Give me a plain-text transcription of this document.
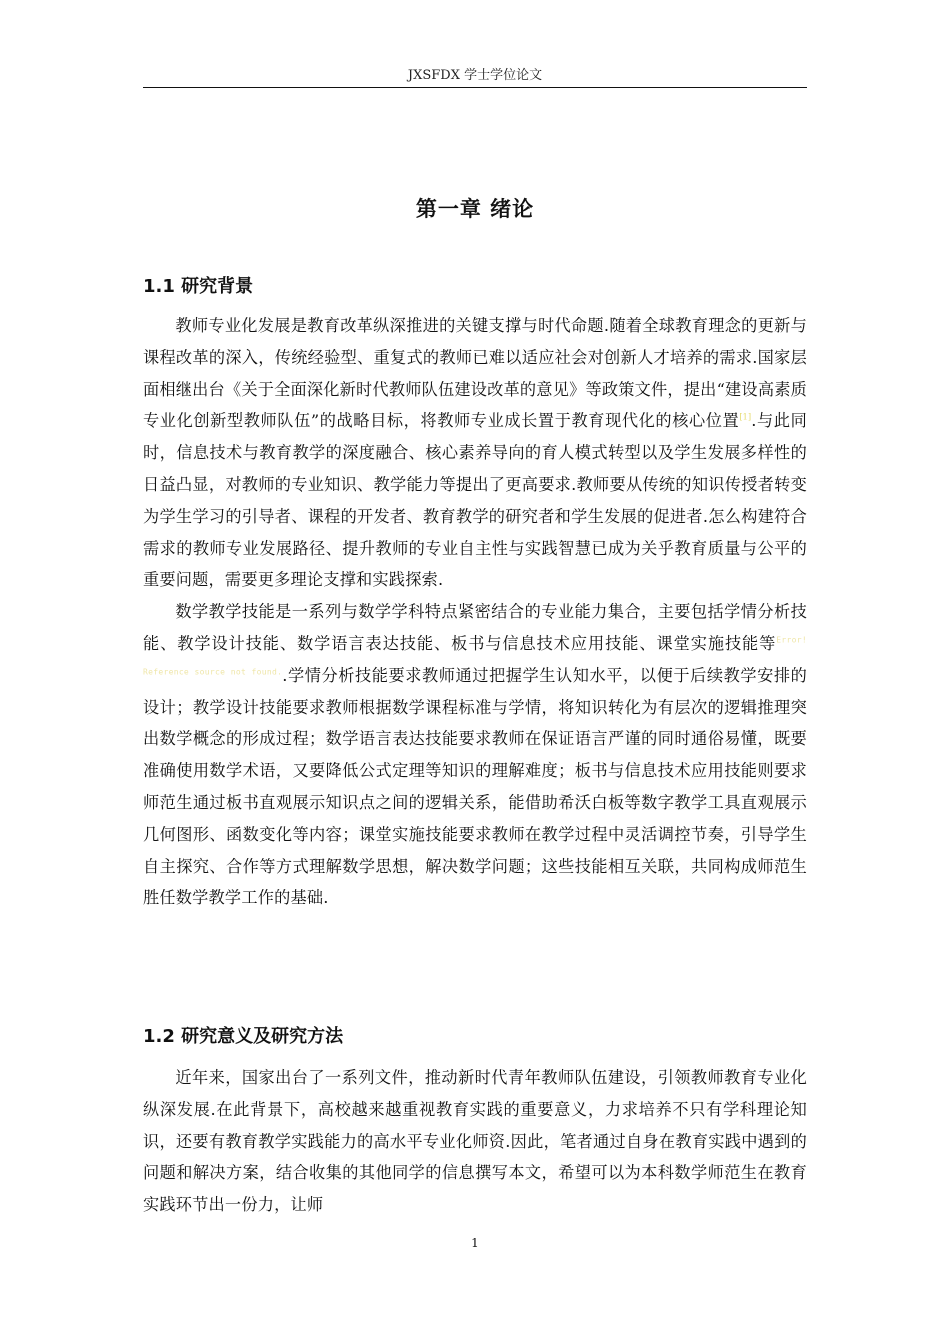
JXSFDX 学士学位论文
第一章 绪论
1.1 研究背景

教师专业化发展是教育改革纵深推进的关键支撑与时代命题.随着全球教育理念的更新与课程改革的深入，传统经验型、重复式的教师已难以适应社会对创新人才培养的需求.国家层面相继出台《关于全面深化新时代教师队伍建设改革的意见》等政策文件，提出“建设高素质专业化创新型教师队伍”的战略目标，将教师专业成长置于教育现代化的核心位置[1].与此同时，信息技术与教育教学的深度融合、核心素养导向的育人模式转型以及学生发展多样性的日益凸显，对教师的专业知识、教学能力等提出了更高要求.教师要从传统的知识传授者转变为学生学习的引导者、课程的开发者、教育教学的研究者和学生发展的促进者.怎么构建符合需求的教师专业发展路径、提升教师的专业自主性与实践智慧已成为关乎教育质量与公平的重要问题，需要更多理论支撑和实践探索.

数学教学技能是一系列与数学学科特点紧密结合的专业能力集合，主要包括学情分析技能、教学设计技能、数学语言表达技能、板书与信息技术应用技能、课堂实施技能等$^{Error! Reference source not found.}$.学情分析技能要求教师通过把握学生认知水平，以便于后续教学安排的设计；教学设计技能要求教师根据数学课程标准与学情，将知识转化为有层次的逻辑推理突出数学概念的形成过程；数学语言表达技能要求教师在保证语言严谨的同时通俗易懂，既要准确使用数学术语，又要降低公式定理等知识的理解难度；板书与信息技术应用技能则要求师范生通过板书直观展示知识点之间的逻辑关系，能借助希沃白板等数字教学工具直观展示几何图形、函数变化等内容；课堂实施技能要求教师在教学过程中灵活调控节奏，引导学生自主探究、合作等方式理解数学思想，解决数学问题；这些技能相互关联，共同构成师范生胜任数学教学工作的基础.

1.2 研究意义及研究方法

近年来，国家出台了一系列文件，推动新时代青年教师队伍建设，引领教师教育专业化纵深发展.在此背景下，高校越来越重视教育实践的重要意义，力求培养不只有学科理论知识，还要有教育教学实践能力的高水平专业化师资.因此，笔者通过自身在教育实践中遇到的问题和解决方案，结合收集的其他同学的信息撰写本文，希望可以为本科数学师范生在教育实践环节出一份力，让师

1
